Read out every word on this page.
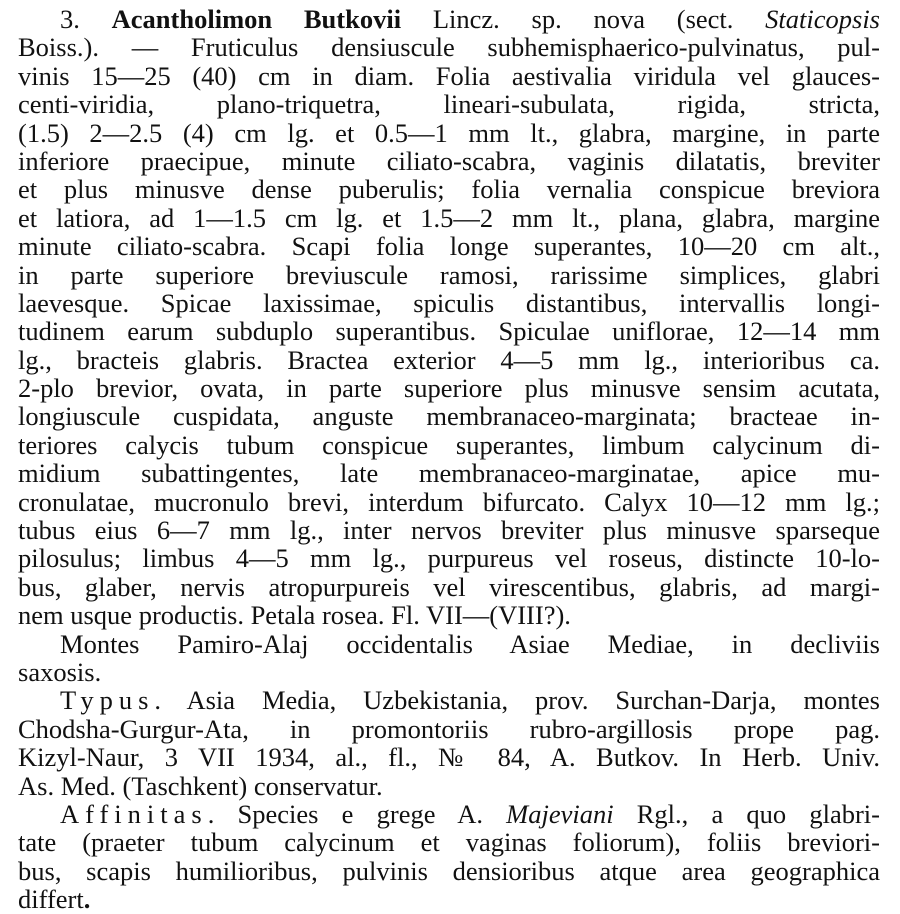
3. Acantholimon Butkovii Lincz. sp. nova (sect. Staticopsis
Boiss.). — Fruticulus densiuscule subhemisphaerico-pulvinatus, pul-
vinis 15—25 (40) cm in diam. Folia aestivalia viridula vel glauces-
centi-viridia, plano-triquetra, lineari-subulata, rigida, stricta,
(1.5) 2—2.5 (4) cm lg. et 0.5—1 mm lt., glabra, margine, in parte
inferiore praecipue, minute ciliato-scabra, vaginis dilatatis, breviter
et plus minusve dense puberulis; folia vernalia conspicue breviora
et latiora, ad 1—1.5 cm lg. et 1.5—2 mm lt., plana, glabra, margine
minute ciliato-scabra. Scapi folia longe superantes, 10—20 cm alt.,
in parte superiore breviuscule ramosi, rarissime simplices, glabri
laevesque. Spicae laxissimae, spiculis distantibus, intervallis longi-
tudinem earum subduplo superantibus. Spiculae uniflorae, 12—14 mm
lg., bracteis glabris. Bractea exterior 4—5 mm lg., interioribus ca.
2-plo brevior, ovata, in parte superiore plus minusve sensim acutata,
longiuscule cuspidata, anguste membranaceo-marginata; bracteae in-
teriores calycis tubum conspicue superantes, limbum calycinum di-
midium subattingentes, late membranaceo-marginatae, apice mu-
cronulatae, mucronulo brevi, interdum bifurcato. Calyx 10—12 mm lg.;
tubus eius 6—7 mm lg., inter nervos breviter plus minusve sparseque
pilosulus; limbus 4—5 mm lg., purpureus vel roseus, distincte 10-lo-
bus, glaber, nervis atropurpureis vel virescentibus, glabris, ad margi-
nem usque productis. Petala rosea. Fl. VII—(VIII?).
Montes Pamiro-Alaj occidentalis Asiae Mediae, in decliviis
saxosis.
Typus. Asia Media, Uzbekistania, prov. Surchan-Darja, montes
Chodsha-Gurgur-Ata, in promontoriis rubro-argillosis prope pag.
Kizyl-Naur, 3 VII 1934, al., fl., № 84, A. Butkov. In Herb. Univ.
As. Med. (Taschkent) conservatur.
Affinitas. Species e grege A. Majeviani Rgl., a quo glabri-
tate (praeter tubum calycinum et vaginas foliorum), foliis breviori-
bus, scapis humilioribus, pulvinis densioribus atque area geographica
differt.
